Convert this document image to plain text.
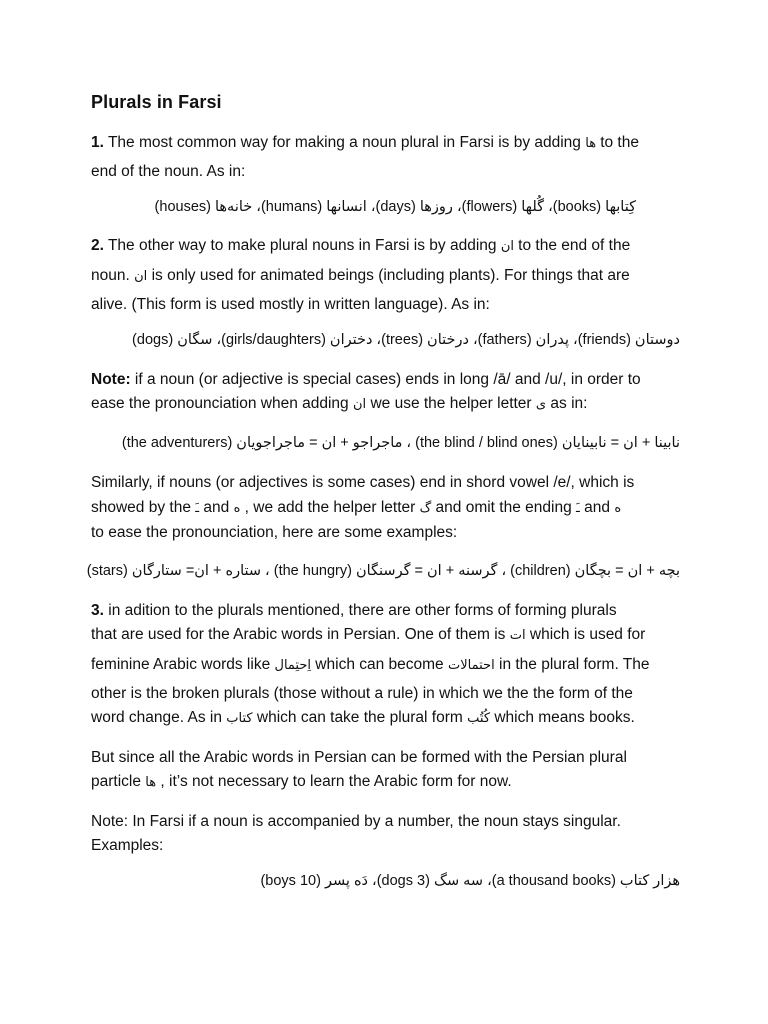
Plurals in Farsi

1. The most common way for making a noun plural in Farsi is by adding ها to the

end of the noun. As in:

کِتابها (books)، گُلها (flowers)، روزها (days)، انسانها (humans)، خانه‌ها (houses)

2. The other way to make plural nouns in Farsi is by adding ان to the end of the

noun. ان is only used for animated beings (including plants). For things that are

alive. (This form is used mostly in written language). As in:

دوستان (friends)، پدران (fathers)، درختان (trees)، دختران (girls/daughters)، سگان (dogs)

Note: if a noun (or adjective is special cases) ends in long /ā/ and /u/, in order to

ease the pronounciation when adding ان we use the helper letter ی as in:

نابینا + ان = نابینایان (the blind / blind ones) ، ماجراجو + ان = ماجراجویان (the adventurers)

Similarly, if nouns (or adjectives is some cases) end in shord vowel /e/, which is

showed by the ـَ and ه , we add the helper letter گ and omit the ending ـَ and ه

to ease the pronounciation, here are some examples:

بچه + ان = بچگان (children) ، گرسنه + ان = گرسنگان (the hungry) ، ستاره + ان= ستارگان (stars)

3. in adition to the plurals mentioned, there are other forms of forming plurals

that are used for the Arabic words in Persian. One of them is ات which is used for

feminine Arabic words like اِحتِمال which can become احتمالات in the plural form. The

other is the broken plurals (those without a rule) in which we the the form of the

word change. As in کتاب which can take the plural form کُتُب which means books.

But since all the Arabic words in Persian can be formed with the Persian plural

particle ها , it’s not necessary to learn the Arabic form for now.

Note: In Farsi if a noun is accompanied by a number, the noun stays singular.

Examples:

هزار کتاب (a thousand books)، سه سگ (3 dogs)، دَه پسر (10 boys)
